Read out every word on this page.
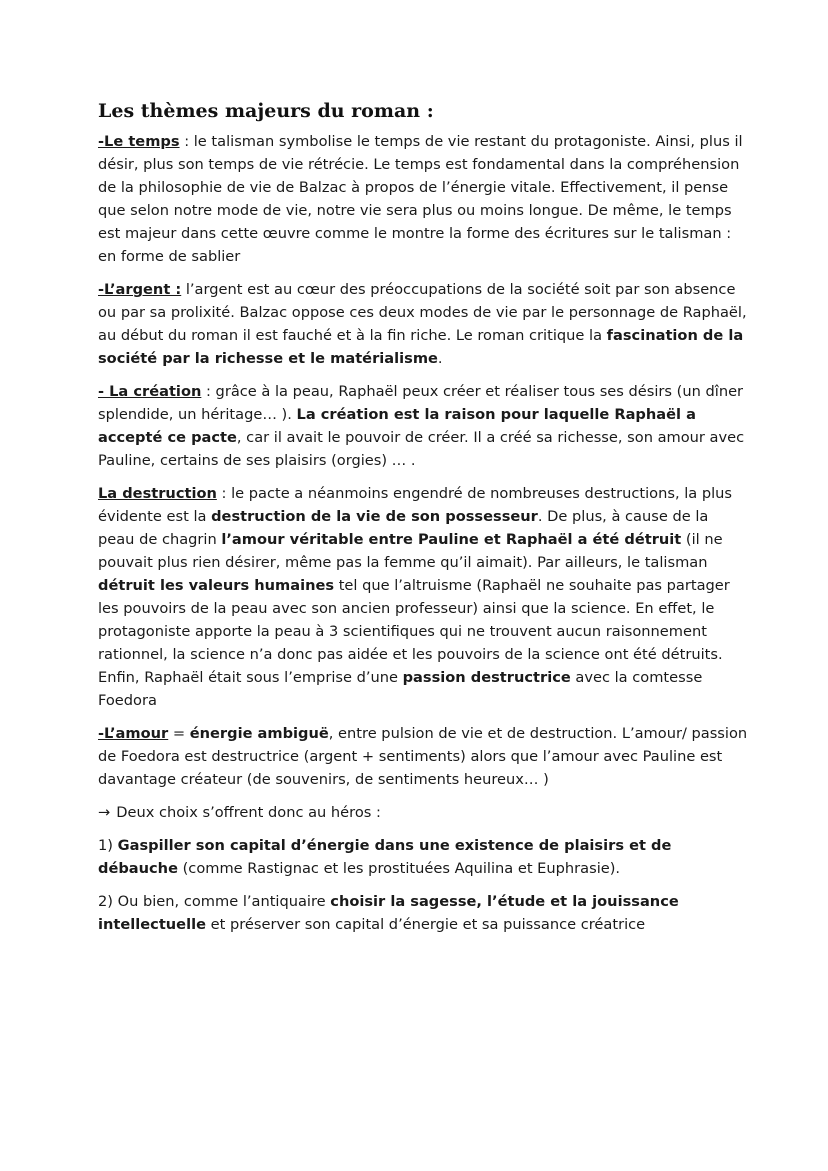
Les thèmes majeurs du roman :

-Le temps : le talisman symbolise le temps de vie restant du protagoniste. Ainsi, plus il désir, plus son temps de vie rétrécie. Le temps est fondamental dans la compréhension de la philosophie de vie de Balzac à propos de l’énergie vitale. Effectivement, il pense que selon notre mode de vie, notre vie sera plus ou moins longue. De même, le temps est majeur dans cette œuvre comme le montre la forme des écritures sur le talisman : en forme de sablier

-L’argent : l’argent est au cœur des préoccupations de la société soit par son absence ou par sa prolixité. Balzac oppose ces deux modes de vie par le personnage de Raphaël, au début du roman il est fauché et à la fin riche. Le roman critique la fascination de la société par la richesse et le matérialisme.

- La création : grâce à la peau, Raphaël peux créer et réaliser tous ses désirs (un dîner splendide, un héritage… ). La création est la raison pour laquelle Raphaël a accepté ce pacte, car il avait le pouvoir de créer. Il a créé sa richesse, son amour avec Pauline, certains de ses plaisirs (orgies) … .

La destruction : le pacte a néanmoins engendré de nombreuses destructions, la plus évidente est la destruction de la vie de son possesseur. De plus, à cause de la peau de chagrin l’amour véritable entre Pauline et Raphaël a été détruit (il ne pouvait plus rien désirer, même pas la femme qu’il aimait). Par ailleurs, le talisman détruit les valeurs humaines tel que l’altruisme (Raphaël ne souhaite pas partager les pouvoirs de la peau avec son ancien professeur) ainsi que la science. En effet, le protagoniste apporte la peau à 3 scientifiques qui ne trouvent aucun raisonnement rationnel, la science n’a donc pas aidée et les pouvoirs de la science ont été détruits. Enfin, Raphaël était sous l’emprise d’une passion destructrice avec la comtesse Foedora

-L’amour = énergie ambiguë, entre pulsion de vie et de destruction. L’amour/ passion de Foedora est destructrice (argent + sentiments) alors que l’amour avec Pauline est davantage créateur (de souvenirs, de sentiments heureux… )

→ Deux choix s’offrent donc au héros :

1) Gaspiller son capital d’énergie dans une existence de plaisirs et de débauche (comme Rastignac et les prostituées Aquilina et Euphrasie).

2) Ou bien, comme l’antiquaire choisir la sagesse, l’étude et la jouissance intellectuelle et préserver son capital d’énergie et sa puissance créatrice
